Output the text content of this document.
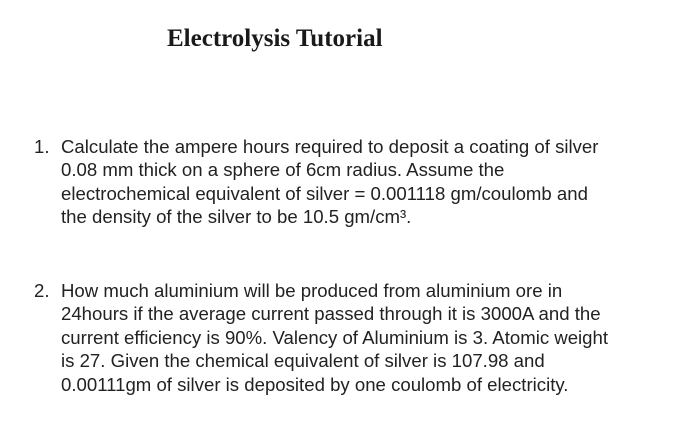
Electrolysis Tutorial
1. Calculate the ampere hours required to deposit a coating of silver
0.08 mm thick on a sphere of 6cm radius. Assume the
electrochemical equivalent of silver = 0.001118 gm/coulomb and
the density of the silver to be 10.5 gm/cm³.
2. How much aluminium will be produced from aluminium ore in
24hours if the average current passed through it is 3000A and the
current efficiency is 90%. Valency of Aluminium is 3. Atomic weight
is 27. Given the chemical equivalent of silver is 107.98 and
0.00111gm of silver is deposited by one coulomb of electricity.
